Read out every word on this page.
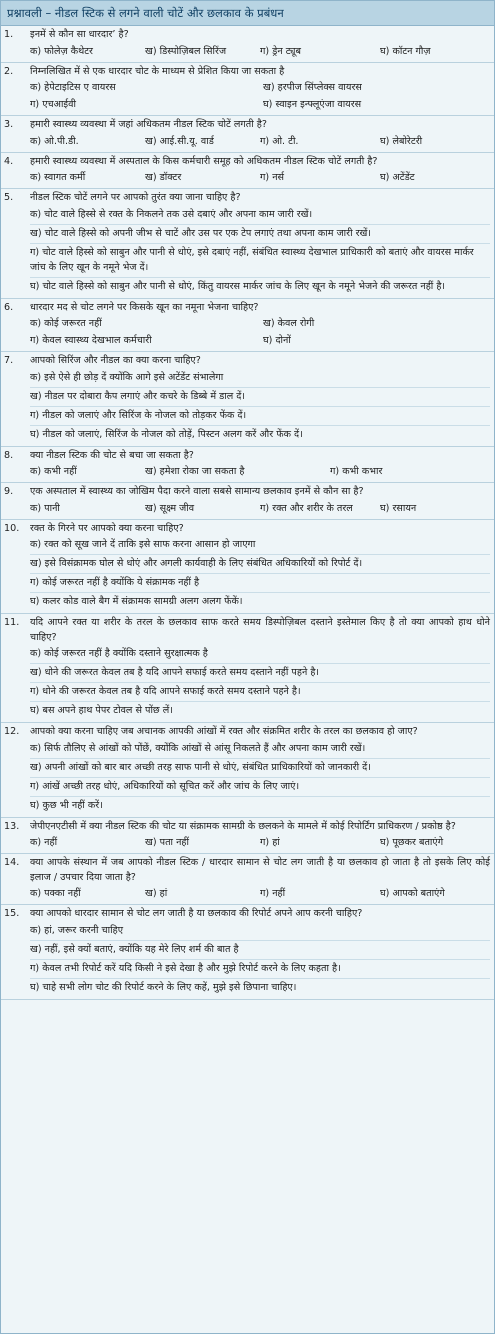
प्रश्नावली – नीडल स्टिक से लगने वाली चोटें और छलकाव के प्रबंधन
1.	इनमें से कौन सा धारदार’ है?
क) फोलेज़ कैथेटर	ख) डिस्पोज़िबल सिरिंज	ग) ड्रेन ट्यूब	घ) कॉटन गौज़
2.	निम्नलिखित में से एक धारदार चोट के माध्यम से प्रेशित किया जा सकता है
क) हेपेटाइटिस ए वायरस	ख) हरपीज सिंप्लेक्स वायरस
ग) एचआईवी	घ) स्वाइन इन्फ्लूएंजा वायरस
3.	हमारी स्वास्थ्य व्यवस्था में जहां अधिकतम नीडल स्टिक चोटें लगती है?
क) ओ.पी.डी.	ख) आई.सी.यू. वार्ड	ग) ओ. टी.	घ) लेबोरेटरी
4.	हमारी स्वास्थ्य व्यवस्था में अस्पताल के किस कर्मचारी समूह को अधिकतम नीडल स्टिक चोटें लगती है?
क) स्वागत कर्मी	ख) डॉक्टर	ग) नर्स	घ) अटेंडेंट
5.	नीडल स्टिक चोटें लगने पर आपको तुरंत क्या जाना चाहिए है?
क) चोट वाले हिस्से से रक्त के निकलने तक उसे दबाएं और अपना काम जारी रखें।
ख) चोट वाले हिस्से को अपनी जीभ से चाटें और उस पर एक टेप लगाएं तथा अपना काम जारी रखें।
ग) चोट वाले हिस्से को साबुन और पानी से धोएं, इसे दबाएं नहीं, संबंधित स्वास्थ्य देखभाल प्राधिकारी को बताएं और वायरस मार्कर जांच के लिए खून के नमूने भेज दें।
घ) चोट वाले हिस्से को साबुन और पानी से धोएं, किंतु वायरस मार्कर जांच के लिए खून के नमूने भेजने की जरूरत नहीं है।
6.	धारदार मद से चोट लगने पर किसके खून का नमूना भेजना चाहिए?
क) कोई जरूरत नहीं	ख) केवल रोगी
ग) केवल स्वास्थ्य देखभाल कर्मचारी	घ) दोनों
7.	आपको सिरिंज और नीडल का क्या करना चाहिए?
क) इसे ऐसे ही छोड़ दें क्योंकि आगे इसे अटेंडेंट संभालेगा
ख) नीडल पर दोबारा कैप लगाएं और कचरे के डिब्बे में डाल दें।
ग) नीडल को जलाएं और सिरिंज के नोजल को तोड़कर फेंक दें।
घ) नीडल को जलाएं, सिरिंज के नोजल को तोड़ें, पिस्टन अलग करें और फेंक दें।
8.	क्या नीडल स्टिक की चोट से बचा जा सकता है?
क) कभी नहीं	ख) हमेशा रोका जा सकता है	ग) कभी कभार
9.	एक अस्पताल में स्वास्थ्य का जोखिम पैदा करने वाला सबसे सामान्य छलकाव इनमें से कौन सा है?
क) पानी	ख) सूक्ष्म जीव	ग) रक्त और शरीर के तरल	घ) रसायन
10.	रक्त के गिरने पर आपको क्या करना चाहिए?
क) रक्त को सूख जाने दें ताकि इसे साफ करना आसान हो जाएगा
ख) इसे विसंक्रामक घोल से धोएं और अगली कार्यवाही के लिए संबंधित अधिकारियों को रिपोर्ट दें।
ग) कोई जरूरत नहीं है क्योंकि ये संक्रामक नहीं है
घ) कलर कोड वाले बैग में संक्रामक सामग्री अलग अलग फेंकें।
11.	यदि आपने रक्त या शरीर के तरल के छलकाव साफ करते समय डिस्पोज़िबल दस्ताने इस्तेमाल किए है तो क्या आपको हाथ धोने चाहिए?
क) कोई जरूरत नहीं है क्योंकि दस्ताने सुरक्षात्मक है
ख) धोने की जरूरत केवल तब है यदि आपने सफाई करते समय दस्ताने नहीं पहने है।
ग) धोने की जरूरत केवल तब है यदि आपने सफाई करते समय दस्ताने पहने है।
घ) बस अपने हाथ पेपर टोवल से पोंछ लें।
12.	आपको क्या करना चाहिए जब अचानक आपकी आंखों में रक्त और संक्रमित शरीर के तरल का छलकाव हो जाए?
क) सिर्फ तौलिए से आंखों को पोंछें, क्योंकि आंखों से आंसू निकलते हैं और अपना काम जारी रखें।
ख) अपनी आंखों को बार बार अच्छी तरह साफ पानी से धोएं, संबंधित प्राधिकारियों को जानकारी दें।
ग) आंखें अच्छी तरह धोएं, अधिकारियों को सूचित करें और जांच के लिए जाएं।
घ) कुछ भी नहीं करें।
13.	जेपीएनएटीसी में क्या नीडल स्टिक की चोट या संक्रामक सामग्री के छलकने के मामले में कोई रिपोर्टिंग प्राधिकरण / प्रकोष्ठ है?
क) नहीं	ख) पता नहीं	ग) हां	घ) पूछकर बताएंगे
14.	क्या आपके संस्थान में जब आपको नीडल स्टिक / धारदार सामान से चोट लग जाती है या छलकाव हो जाता है तो इसके लिए कोई इलाज / उपचार दिया जाता है?
क) पक्का नहीं	ख) हां	ग) नहीं	घ) आपको बताएंगे
15.	क्या आपको धारदार सामान से चोट लग जाती है या छलकाव की रिपोर्ट अपने आप करनी चाहिए?
क) हां, जरूर करनी चाहिए
ख) नहीं, इसे क्यों बताएं, क्योंकि यह मेरे लिए शर्म की बात है
ग) केवल तभी रिपोर्ट करें यदि किसी ने इसे देखा है और मुझे रिपोर्ट करने के लिए कहता है।
घ) चाहे सभी लोग चोट की रिपोर्ट करने के लिए कहें, मुझे इसे छिपाना चाहिए।
